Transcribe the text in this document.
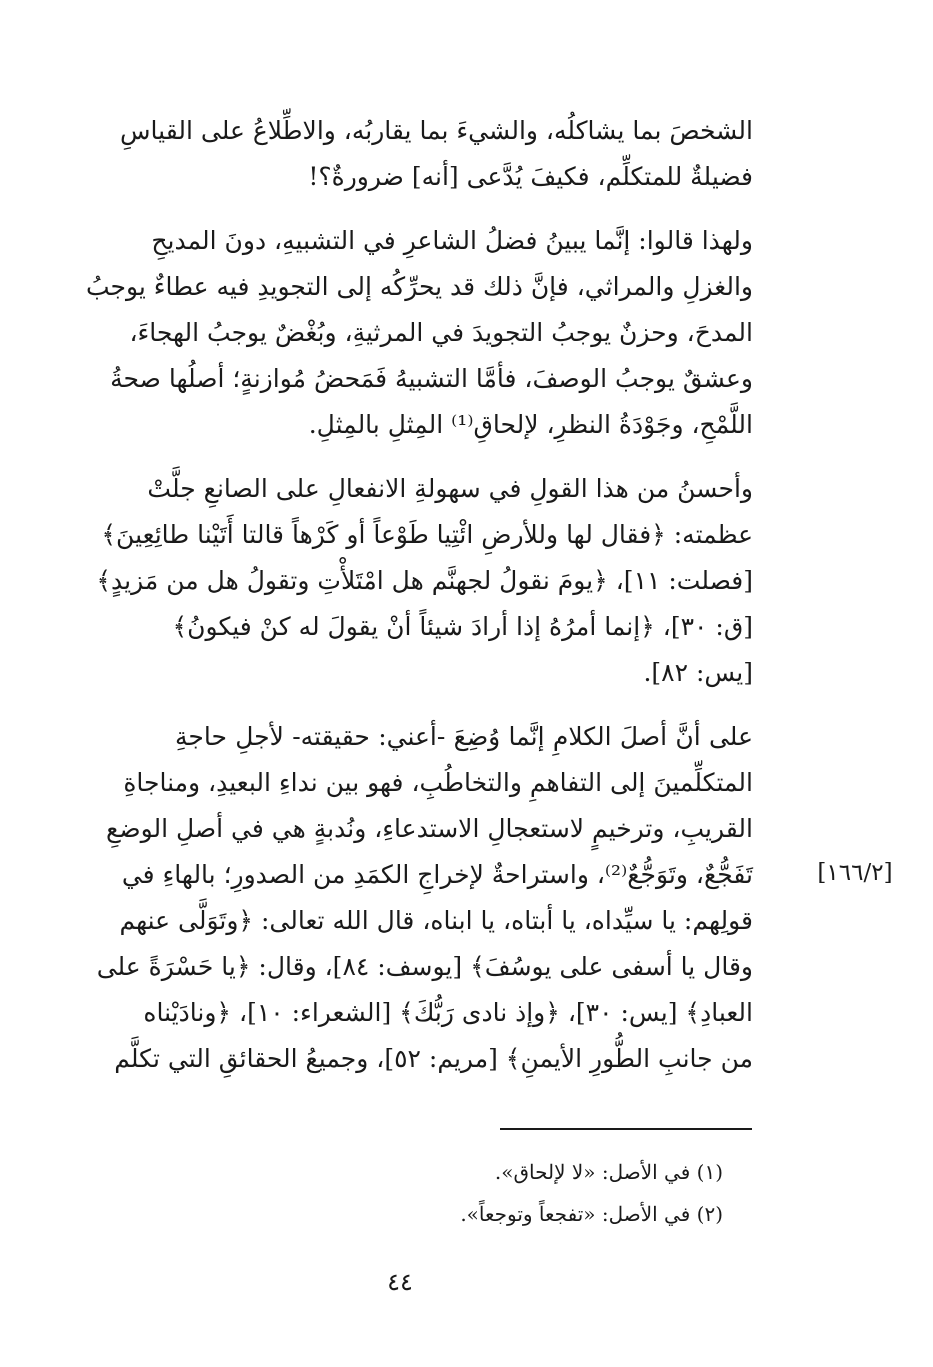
الشخصَ بما يشاكلُه، والشيءَ بما يقاربُه، والاطِّلاعُ على القياسِ
فضيلةٌ للمتكلِّم، فكيفَ يُدَّعى [أنه] ضرورةٌ؟!
ولهذا قالوا: إنَّما يبينُ فضلُ الشاعرِ في التشبيهِ، دونَ المديحِ
والغزلِ والمراثي، فإنَّ ذلك قد يحرِّكُه إلى التجويدِ فيه عطاءٌ يوجبُ
المدحَ، وحزنٌ يوجبُ التجويدَ في المرثيةِ، وبُغْضٌ يوجبُ الهجاءَ،
وعشقٌ يوجبُ الوصفَ، فأمَّا التشبيهُ فَمَحضُ مُوازنةٍ؛ أصلُها صحةُ
اللَّمْحِ، وجَوْدَةُ النظرِ، لإلحاقِ⁽¹⁾ المِثلِ بالمِثلِ.
وأحسنُ من هذا القولِ في سهولةِ الانفعالِ على الصانعِ جلَّتْ
عظمته: ﴿فقال لها وللأرضِ ائْتِيا طَوْعاً أو كَرْهاً قالتا أَتَيْنا طائِعِينَ﴾
[فصلت: ١١]، ﴿يومَ نقولُ لجهنَّم هل امْتَلأْتِ وتقولُ هل من مَزيدٍ﴾
[ق: ٣٠]، ﴿إنما أمرُهُ إذا أرادَ شيئاً أنْ يقولَ له كنْ فيكونُ﴾
[يس: ٨٢].
على أنَّ أصلَ الكلامِ إنَّما وُضِعَ -أعني: حقيقته- لأجلِ حاجةِ
المتكلِّمينَ إلى التفاهمِ والتخاطُبِ، فهو بين نداءِ البعيدِ، ومناجاةِ
القريبِ، وترخيمٍ لاستعجالِ الاستدعاءِ، ونُدبةٍ هي في أصلِ الوضعِ
تَفَجُّعٌ، وتَوَجُّعٌ⁽²⁾، واستراحةٌ لإخراجِ الكمَدِ من الصدورِ؛ بالهاءِ في
قولِهم: يا سيِّداه، يا أبتاه، يا ابناه، قال الله تعالى: ﴿وتَوَلَّى عنهم
وقال يا أسفى على يوسُفَ﴾ [يوسف: ٨٤]، وقال: ﴿يا حَسْرَةً على
العبادِ﴾ [يس: ٣٠]، ﴿وإذ نادى رَبُّكَ﴾ [الشعراء: ١٠]، ﴿ونادَيْناه
من جانبِ الطُّورِ الأيمنِ﴾ [مريم: ٥٢]، وجميعُ الحقائقِ التي تكلَّم
[١٦٦/٢]
(١) في الأصل: «لا لإلحاق».
(٢) في الأصل: «تفجعاً وتوجعاً».
٤٤
